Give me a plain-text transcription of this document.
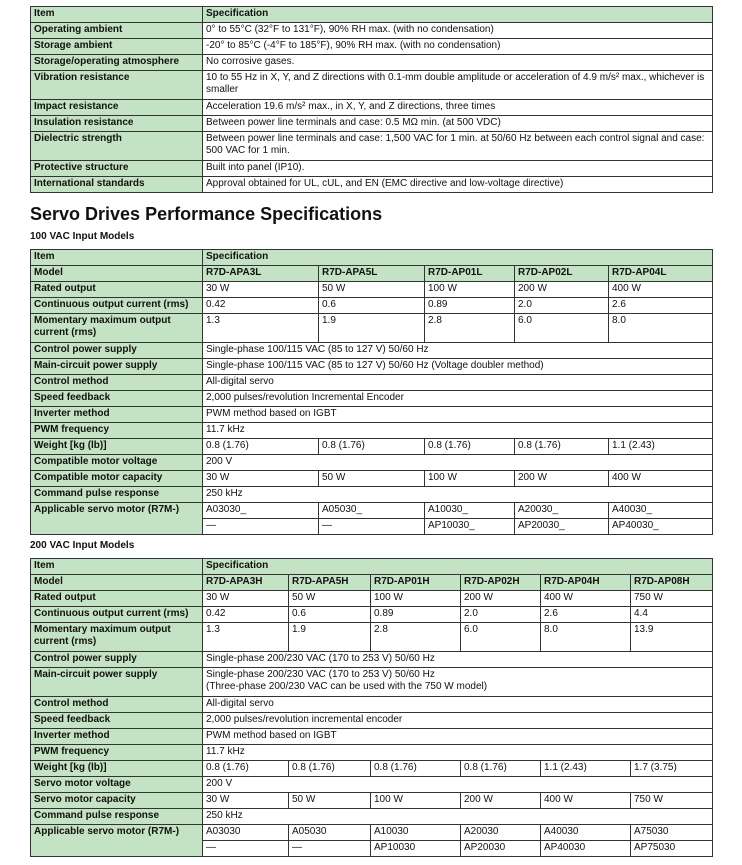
Item	Specification
Operating ambient	0° to 55°C (32°F to 131°F), 90% RH max. (with no condensation)
Storage ambient	-20° to 85°C (-4°F to 185°F), 90% RH max. (with no condensation)
Storage/operating atmosphere	No corrosive gases.
Vibration resistance	10 to 55 Hz in X, Y, and Z directions with 0.1-mm double amplitude or acceleration of 4.9 m/s² max., whichever is smaller
Impact resistance	Acceleration 19.6 m/s² max., in X, Y, and Z directions, three times
Insulation resistance	Between power line terminals and case: 0.5 MΩ min. (at 500 VDC)
Dielectric strength	Between power line terminals and case: 1,500 VAC for 1 min. at 50/60 Hz between each control signal and case: 500 VAC for 1 min.
Protective structure	Built into panel (IP10).
International standards	Approval obtained for UL, cUL, and EN (EMC directive and low-voltage directive)
Servo Drives Performance Specifications
100 VAC Input Models
Item	Specification				
Model	R7D-APA3L	R7D-APA5L	R7D-AP01L	R7D-AP02L	R7D-AP04L
Rated output	30 W	50 W	100 W	200 W	400 W
Continuous output current (rms)	0.42	0.6	0.89	2.0	2.6
Momentary maximum output current (rms)	1.3	1.9	2.8	6.0	8.0
Control power supply	Single-phase 100/115 VAC (85 to 127 V) 50/60 Hz				
Main-circuit power supply	Single-phase 100/115 VAC (85 to 127 V) 50/60 Hz (Voltage doubler method)				
Control method	All-digital servo				
Speed feedback	2,000 pulses/revolution Incremental Encoder				
Inverter method	PWM method based on IGBT				
PWM frequency	11.7 kHz				
Weight [kg (lb)]	0.8 (1.76)	0.8 (1.76)	0.8 (1.76)	0.8 (1.76)	1.1 (2.43)
Compatible motor voltage	200 V				
Compatible motor capacity	30 W	50 W	100 W	200 W	400 W
Command pulse response	250 kHz				
Applicable servo motor (R7M-)	A03030_	A05030_	A10030_	A20030_	A40030_
	—	—	AP10030_	AP20030_	AP40030_
200 VAC Input Models
Item	Specification					
Model	R7D-APA3H	R7D-APA5H	R7D-AP01H	R7D-AP02H	R7D-AP04H	R7D-AP08H
Rated output	30 W	50 W	100 W	200 W	400 W	750 W
Continuous output current (rms)	0.42	0.6	0.89	2.0	2.6	4.4
Momentary maximum output current (rms)	1.3	1.9	2.8	6.0	8.0	13.9
Control power supply	Single-phase 200/230 VAC (170 to 253 V) 50/60 Hz					
Main-circuit power supply	Single-phase 200/230 VAC (170 to 253 V) 50/60 Hz
(Three-phase 200/230 VAC can be used with the 750 W model)					

Control method	All-digital servo					
Speed feedback	2,000 pulses/revolution incremental encoder					
Inverter method	PWM method based on IGBT					
PWM frequency	11.7 kHz					
Weight [kg (lb)]	0.8 (1.76)	0.8 (1.76)	0.8 (1.76)	0.8 (1.76)	1.1 (2.43)	1.7 (3.75)
Servo motor voltage	200 V					
Servo motor capacity	30 W	50 W	100 W	200 W	400 W	750 W
Command pulse response	250 kHz					
Applicable servo motor (R7M-)	A03030	A05030	A10030	A20030	A40030	A75030
	—	—	AP10030	AP20030	AP40030	AP75030
